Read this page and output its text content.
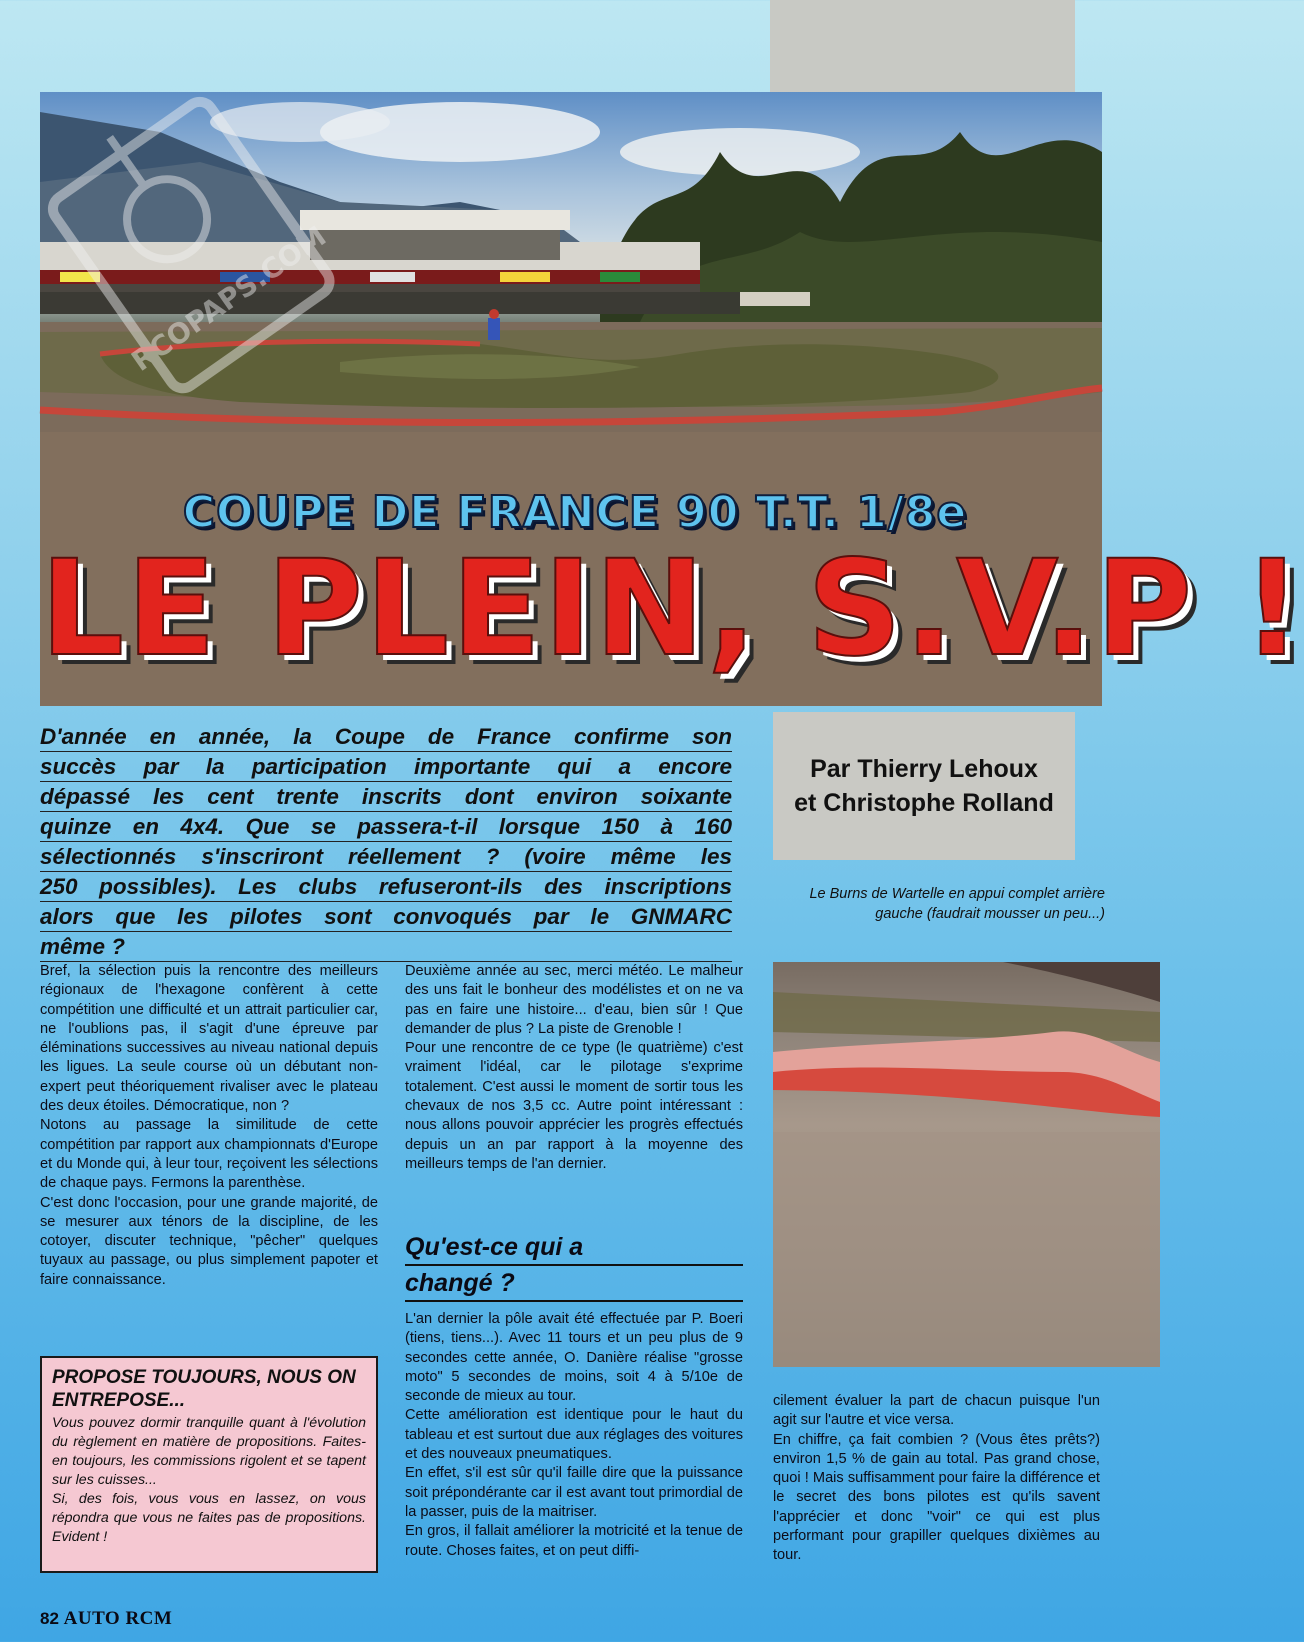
RCOPAPS.COM
COUPE DE FRANCE 90 T.T. 1/8e
LE PLEIN, S.V.P !
D'année en année, la Coupe de France confirme son
succès par la participation importante qui a encore
dépassé les cent trente inscrits dont environ soixante
quinze en 4x4. Que se passera-t-il lorsque 150 à 160
sélectionnés s'inscriront réellement ? (voire même les
250 possibles). Les clubs refuseront-ils des inscriptions
alors que les pilotes sont convoqués par le GNMARC
même ?
Par Thierry Lehoux
et Christophe Rolland
Le Burns de Wartelle en appui complet arrière gauche (faudrait mousser un peu...)

Bref, la sélection puis la rencontre des meilleurs régionaux de l'hexagone confèrent à cette compétition une difficulté et un attrait particulier car, ne l'oublions pas, il s'agit d'une épreuve par éléminations successives au niveau national depuis les ligues. La seule course où un débutant non-expert peut théoriquement rivaliser avec le plateau des deux étoiles. Démocratique, non ?

Notons au passage la similitude de cette compétition par rapport aux championnats d'Europe et du Monde qui, à leur tour, reçoivent les sélections de chaque pays. Fermons la parenthèse.

C'est donc l'occasion, pour une grande majorité, de se mesurer aux ténors de la discipline, de les cotoyer, discuter technique, "pêcher" quelques tuyaux au passage, ou plus simplement papoter et faire connaissance.

PROPOSE TOUJOURS, NOUS ON ENTREPOSE...

Vous pouvez dormir tranquille quant à l'évolution du règlement en matière de propositions. Faites-en toujours, les commissions rigolent et se tapent sur les cuisses...

Si, des fois, vous vous en lassez, on vous répondra que vous ne faites pas de propositions. Evident !

Deuxième année au sec, merci météo. Le malheur des uns fait le bonheur des modélistes et on ne va pas en faire une histoire... d'eau, bien sûr ! Que demander de plus ? La piste de Grenoble !

Pour une rencontre de ce type (le quatrième) c'est vraiment l'idéal, car le pilotage s'exprime totalement. C'est aussi le moment de sortir tous les chevaux de nos 3,5 cc. Autre point intéressant : nous allons pouvoir apprécier les progrès effectués depuis un an par rapport à la moyenne des meilleurs temps de l'an dernier.

Qu'est-ce qui a
changé ?

L'an dernier la pôle avait été effectuée par P. Boeri (tiens, tiens...). Avec 11 tours et un peu plus de 9 secondes cette année, O. Danière réalise "grosse moto" 5 secondes de moins, soit 4 à 5/10e de seconde de mieux au tour.

Cette amélioration est identique pour le haut du tableau et est surtout due aux réglages des voitures et des nouveaux pneumatiques.

En effet, s'il est sûr qu'il faille dire que la puissance soit prépondérante car il est avant tout primordial de la passer, puis de la maitriser.

En gros, il fallait améliorer la motricité et la tenue de route. Choses faites, et on peut diffi-

cilement évaluer la part de chacun puisque l'un agit sur l'autre et vice versa.

En chiffre, ça fait combien ? (Vous êtes prêts?) environ 1,5 % de gain au total. Pas grand chose, quoi ! Mais suffisamment pour faire la différence et le secret des bons pilotes est qu'ils savent l'apprécier et donc "voir" ce qui est plus performant pour grapiller quelques dixièmes au tour.

82 AUTO RCM
